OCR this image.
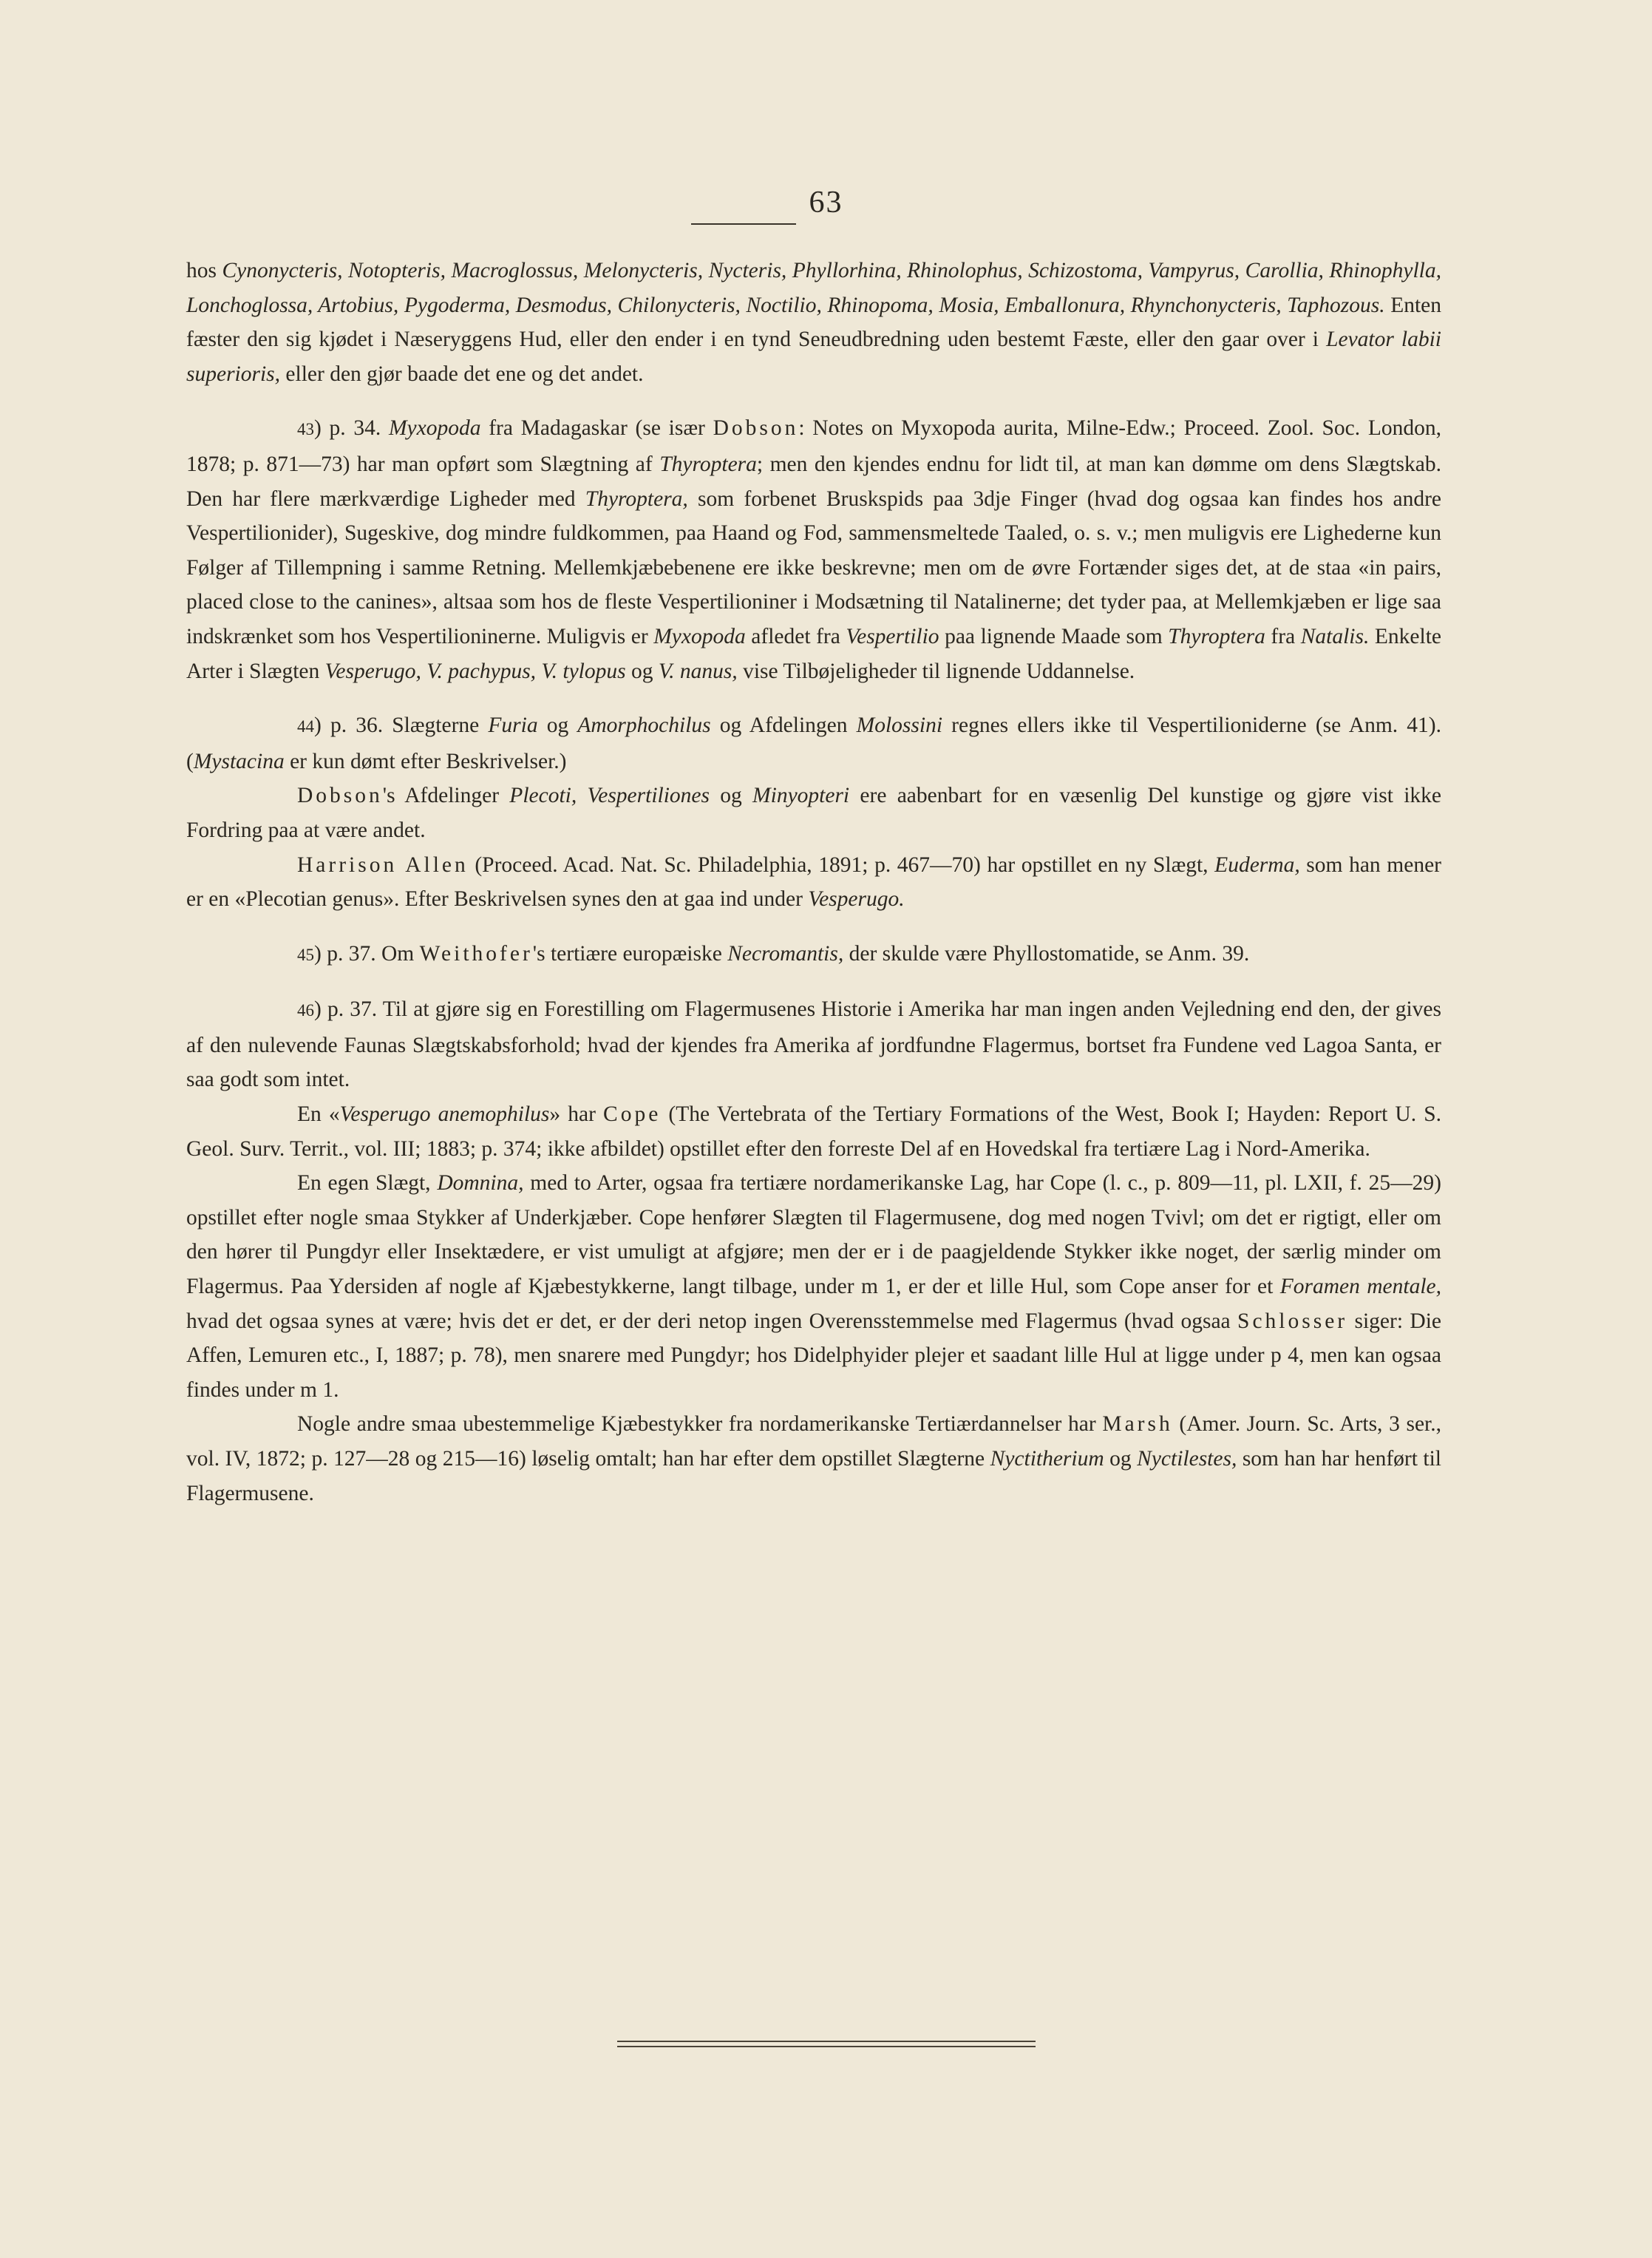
63

hos Cynonycteris, Notopteris, Macroglossus, Melonycteris, Nycteris, Phyllorhina, Rhinolophus, Schizostoma, Vampyrus, Carollia, Rhinophylla, Lonchoglossa, Artobius, Pygoderma, Desmodus, Chilonycteris, Noctilio, Rhinopoma, Mosia, Emballonura, Rhynchonycteris, Taphozous. Enten fæster den sig kjødet i Næseryggens Hud, eller den ender i en tynd Seneudbredning uden bestemt Fæste, eller den gaar over i Levator labii superioris, eller den gjør baade det ene og det andet.

43) p. 34. Myxopoda fra Madagaskar (se især Dobson: Notes on Myxopoda aurita, Milne-Edw.; Proceed. Zool. Soc. London, 1878; p. 871—73) har man opført som Slægtning af Thyroptera; men den kjendes endnu for lidt til, at man kan dømme om dens Slægtskab. Den har flere mærkværdige Ligheder med Thyroptera, som forbenet Bruskspids paa 3dje Finger (hvad dog ogsaa kan findes hos andre Vespertilionider), Sugeskive, dog mindre fuldkommen, paa Haand og Fod, sammensmeltede Taaled, o. s. v.; men muligvis ere Lighederne kun Følger af Tillempning i samme Retning. Mellemkjæbebenene ere ikke beskrevne; men om de øvre Fortænder siges det, at de staa «in pairs, placed close to the canines», altsaa som hos de fleste Vespertilioniner i Modsætning til Natalinerne; det tyder paa, at Mellemkjæben er lige saa indskrænket som hos Vespertilioninerne. Muligvis er Myxopoda afledet fra Vespertilio paa lignende Maade som Thyroptera fra Natalis. Enkelte Arter i Slægten Vesperugo, V. pachypus, V. tylopus og V. nanus, vise Tilbøjeligheder til lignende Uddannelse.

44) p. 36. Slægterne Furia og Amorphochilus og Afdelingen Molossini regnes ellers ikke til Vespertilioniderne (se Anm. 41). (Mystacina er kun dømt efter Beskrivelser.)

Dobson's Afdelinger Plecoti, Vespertiliones og Minyopteri ere aabenbart for en væsenlig Del kunstige og gjøre vist ikke Fordring paa at være andet.

Harrison Allen (Proceed. Acad. Nat. Sc. Philadelphia, 1891; p. 467—70) har opstillet en ny Slægt, Euderma, som han mener er en «Plecotian genus». Efter Beskrivelsen synes den at gaa ind under Vesperugo.

45) p. 37. Om Weithofer's tertiære europæiske Necromantis, der skulde være Phyllostomatide, se Anm. 39.

46) p. 37. Til at gjøre sig en Forestilling om Flagermusenes Historie i Amerika har man ingen anden Vejledning end den, der gives af den nulevende Faunas Slægtskabsforhold; hvad der kjendes fra Amerika af jordfundne Flagermus, bortset fra Fundene ved Lagoa Santa, er saa godt som intet.

En «Vesperugo anemophilus» har Cope (The Vertebrata of the Tertiary Formations of the West, Book I; Hayden: Report U. S. Geol. Surv. Territ., vol. III; 1883; p. 374; ikke afbildet) opstillet efter den forreste Del af en Hovedskal fra tertiære Lag i Nord-Amerika.

En egen Slægt, Domnina, med to Arter, ogsaa fra tertiære nordamerikanske Lag, har Cope (l. c., p. 809—11, pl. LXII, f. 25—29) opstillet efter nogle smaa Stykker af Underkjæber. Cope henfører Slægten til Flagermusene, dog med nogen Tvivl; om det er rigtigt, eller om den hører til Pungdyr eller Insektædere, er vist umuligt at afgjøre; men der er i de paagjeldende Stykker ikke noget, der særlig minder om Flagermus. Paa Ydersiden af nogle af Kjæbestykkerne, langt tilbage, under m 1, er der et lille Hul, som Cope anser for et Foramen mentale, hvad det ogsaa synes at være; hvis det er det, er der deri netop ingen Overensstemmelse med Flagermus (hvad ogsaa Schlosser siger: Die Affen, Lemuren etc., I, 1887; p. 78), men snarere med Pungdyr; hos Didelphyider plejer et saadant lille Hul at ligge under p 4, men kan ogsaa findes under m 1.

Nogle andre smaa ubestemmelige Kjæbestykker fra nordamerikanske Tertiærdannelser har Marsh (Amer. Journ. Sc. Arts, 3 ser., vol. IV, 1872; p. 127—28 og 215—16) løselig omtalt; han har efter dem opstillet Slægterne Nyctitherium og Nyctilestes, som han har henført til Flagermusene.
